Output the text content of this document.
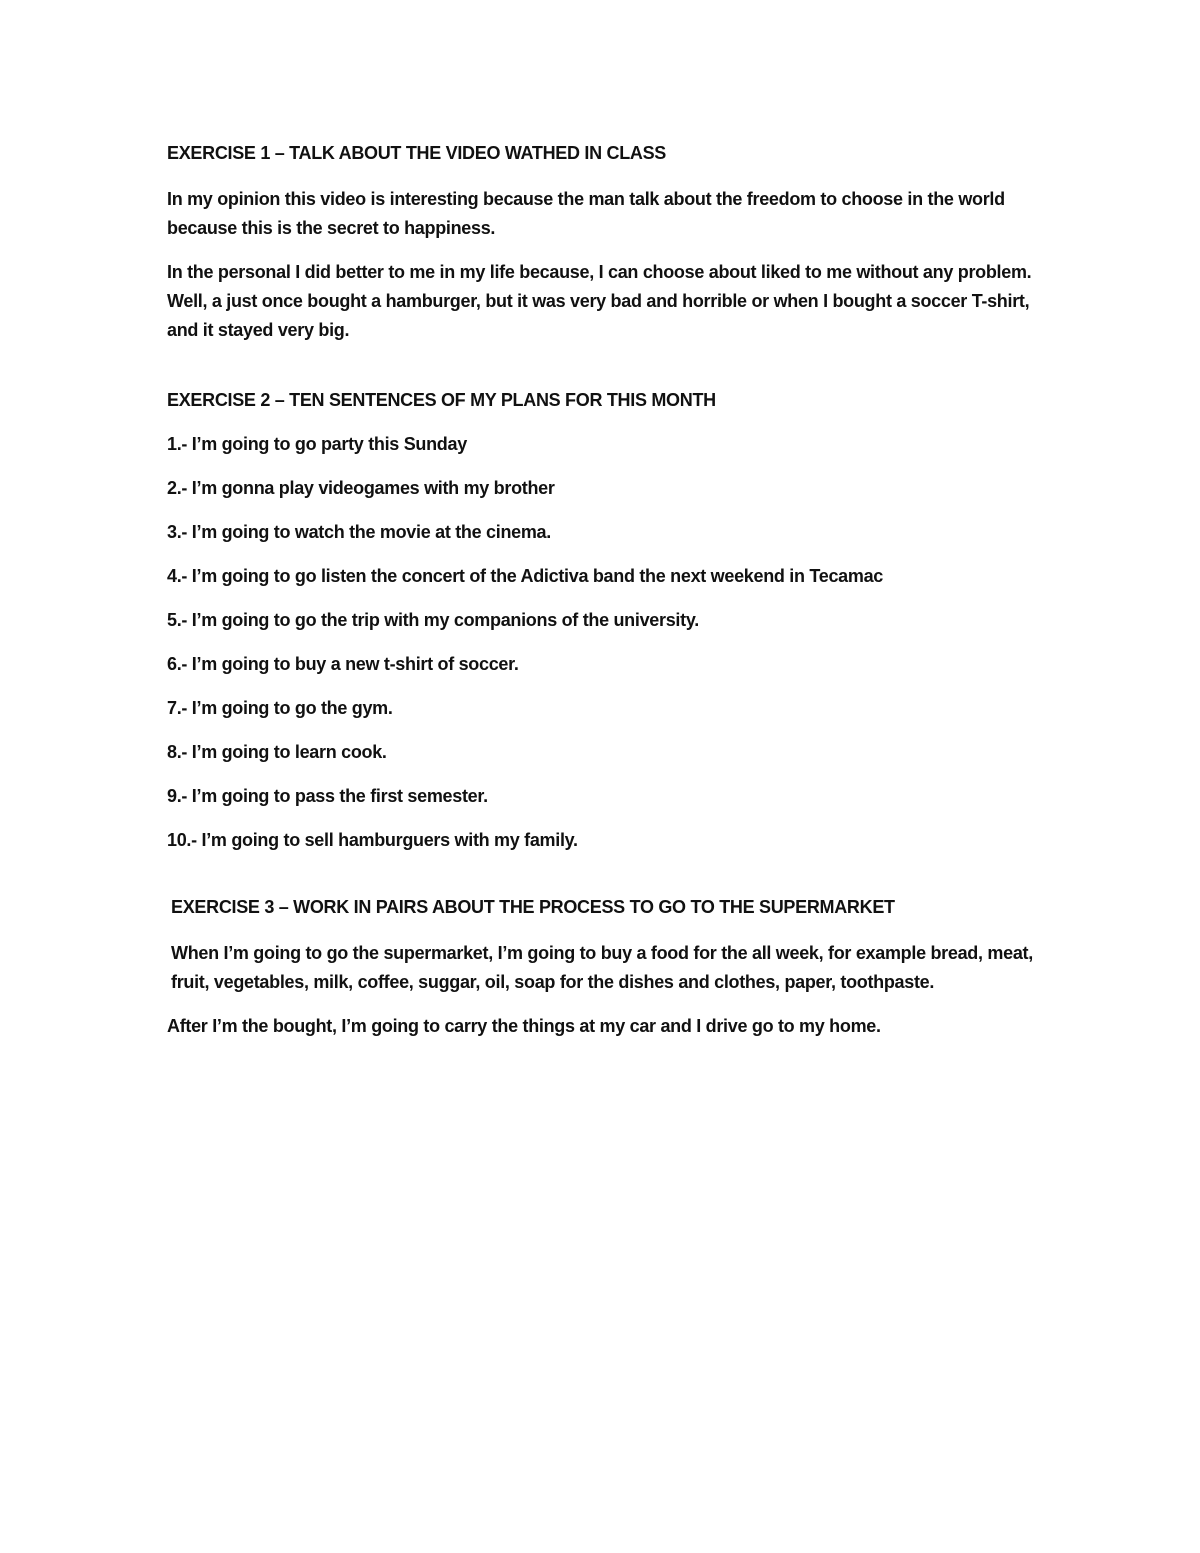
EXERCISE 1 – TALK ABOUT THE VIDEO WATHED IN CLASS

In my opinion this video is interesting because the man talk about the freedom to choose in the world because this is the secret to happiness.

In the personal I did better to me in my life because, I can choose about liked to me without any problem. Well, a just once bought a hamburger, but it was very bad and horrible or when I bought a soccer T-shirt, and it stayed very big.

EXERCISE 2 – TEN SENTENCES OF MY PLANS FOR THIS MONTH

1.- I’m going to go party this Sunday
2.- I’m gonna play videogames with my brother
3.- I’m going to watch the movie at the cinema.
4.- I’m going to go listen the concert of the Adictiva band the next weekend in Tecamac
5.- I’m going to go the trip with my companions of the university.
6.- I’m going to buy a new t-shirt of soccer.
7.- I’m going to go the gym.
8.- I’m going to learn cook.
9.- I’m going to pass the first semester.
10.- I’m going to sell hamburguers with my family.

EXERCISE 3 – WORK IN PAIRS ABOUT THE PROCESS TO GO TO THE SUPERMARKET

When I’m going to go the supermarket, I’m going to buy a food for the all week, for example bread, meat, fruit, vegetables, milk, coffee, suggar, oil, soap for the dishes and clothes, paper, toothpaste.

After I’m the bought, I’m going to carry the things at my car and I drive go to my home.
